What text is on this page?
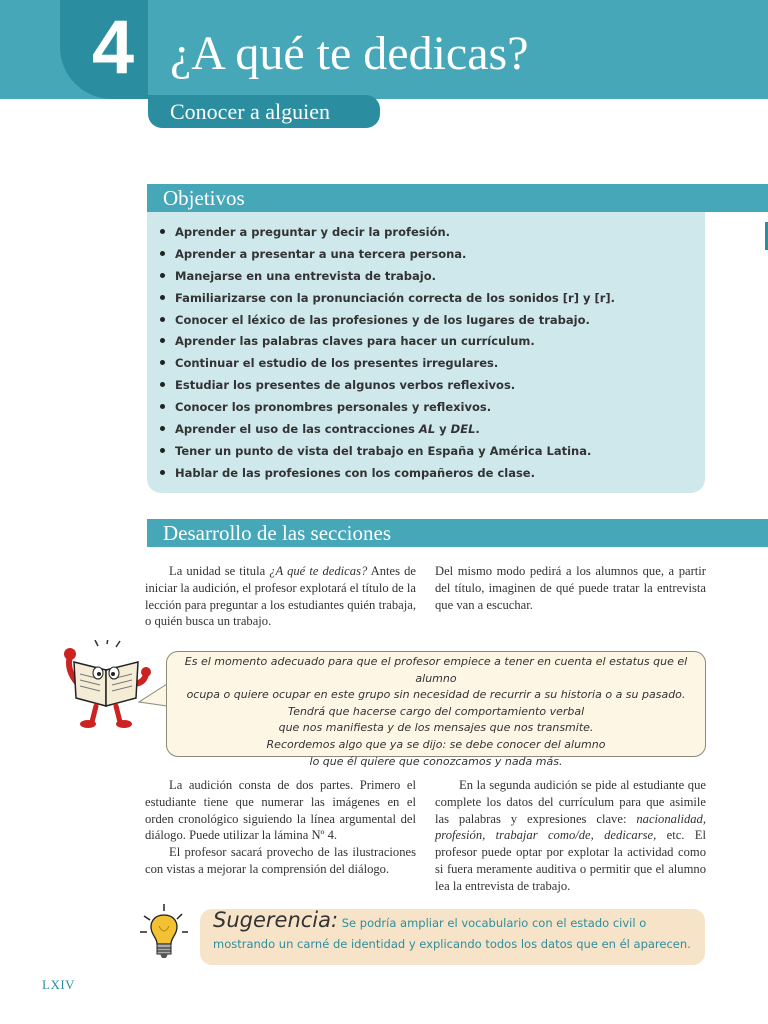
4 ¿A qué te dedicas?
Conocer a alguien
Objetivos
Aprender a preguntar y decir la profesión.
Aprender a presentar a una tercera persona.
Manejarse en una entrevista de trabajo.
Familiarizarse con la pronunciación correcta de los sonidos [r] y [r].
Conocer el léxico de las profesiones y de los lugares de trabajo.
Aprender las palabras claves para hacer un currículum.
Continuar el estudio de los presentes irregulares.
Estudiar los presentes de algunos verbos reflexivos.
Conocer los pronombres personales y reflexivos.
Aprender el uso de las contracciones AL y DEL.
Tener un punto de vista del trabajo en España y América Latina.
Hablar de las profesiones con los compañeros de clase.
Desarrollo de las secciones

La unidad se titula ¿A qué te dedicas? Antes de iniciar la audición, el profesor explotará el título de la lección para preguntar a los estudiantes quién trabaja, o quién busca un trabajo.

Del mismo modo pedirá a los alumnos que, a partir del título, imaginen de qué puede tratar la entrevista que van a escuchar.

Es el momento adecuado para que el profesor empiece a tener en cuenta el estatus que el alumno
ocupa o quiere ocupar en este grupo sin necesidad de recurrir a su historia o a su pasado.
Tendrá que hacerse cargo del comportamiento verbal
que nos manifiesta y de los mensajes que nos transmite.
Recordemos algo que ya se dijo: se debe conocer del alumno
lo que él quiere que conozcamos y nada más.

La audición consta de dos partes. Primero el estudiante tiene que numerar las imágenes en el orden cronológico siguiendo la línea argumental del diálogo. Puede utilizar la lámina Nº 4.

El profesor sacará provecho de las ilustraciones con vistas a mejorar la comprensión del diálogo.

En la segunda audición se pide al estudiante que complete los datos del currículum para que asimile las palabras y expresiones clave: nacionalidad, profesión, trabajar como/de, dedicarse, etc. El profesor puede optar por explotar la actividad como si fuera meramente auditiva o permitir que el alumno lea la entrevista de trabajo.

Sugerencia: Se podría ampliar el vocabulario con el estado civil o mostrando un carné de identidad y explicando todos los datos que en él aparecen.
LXIV
